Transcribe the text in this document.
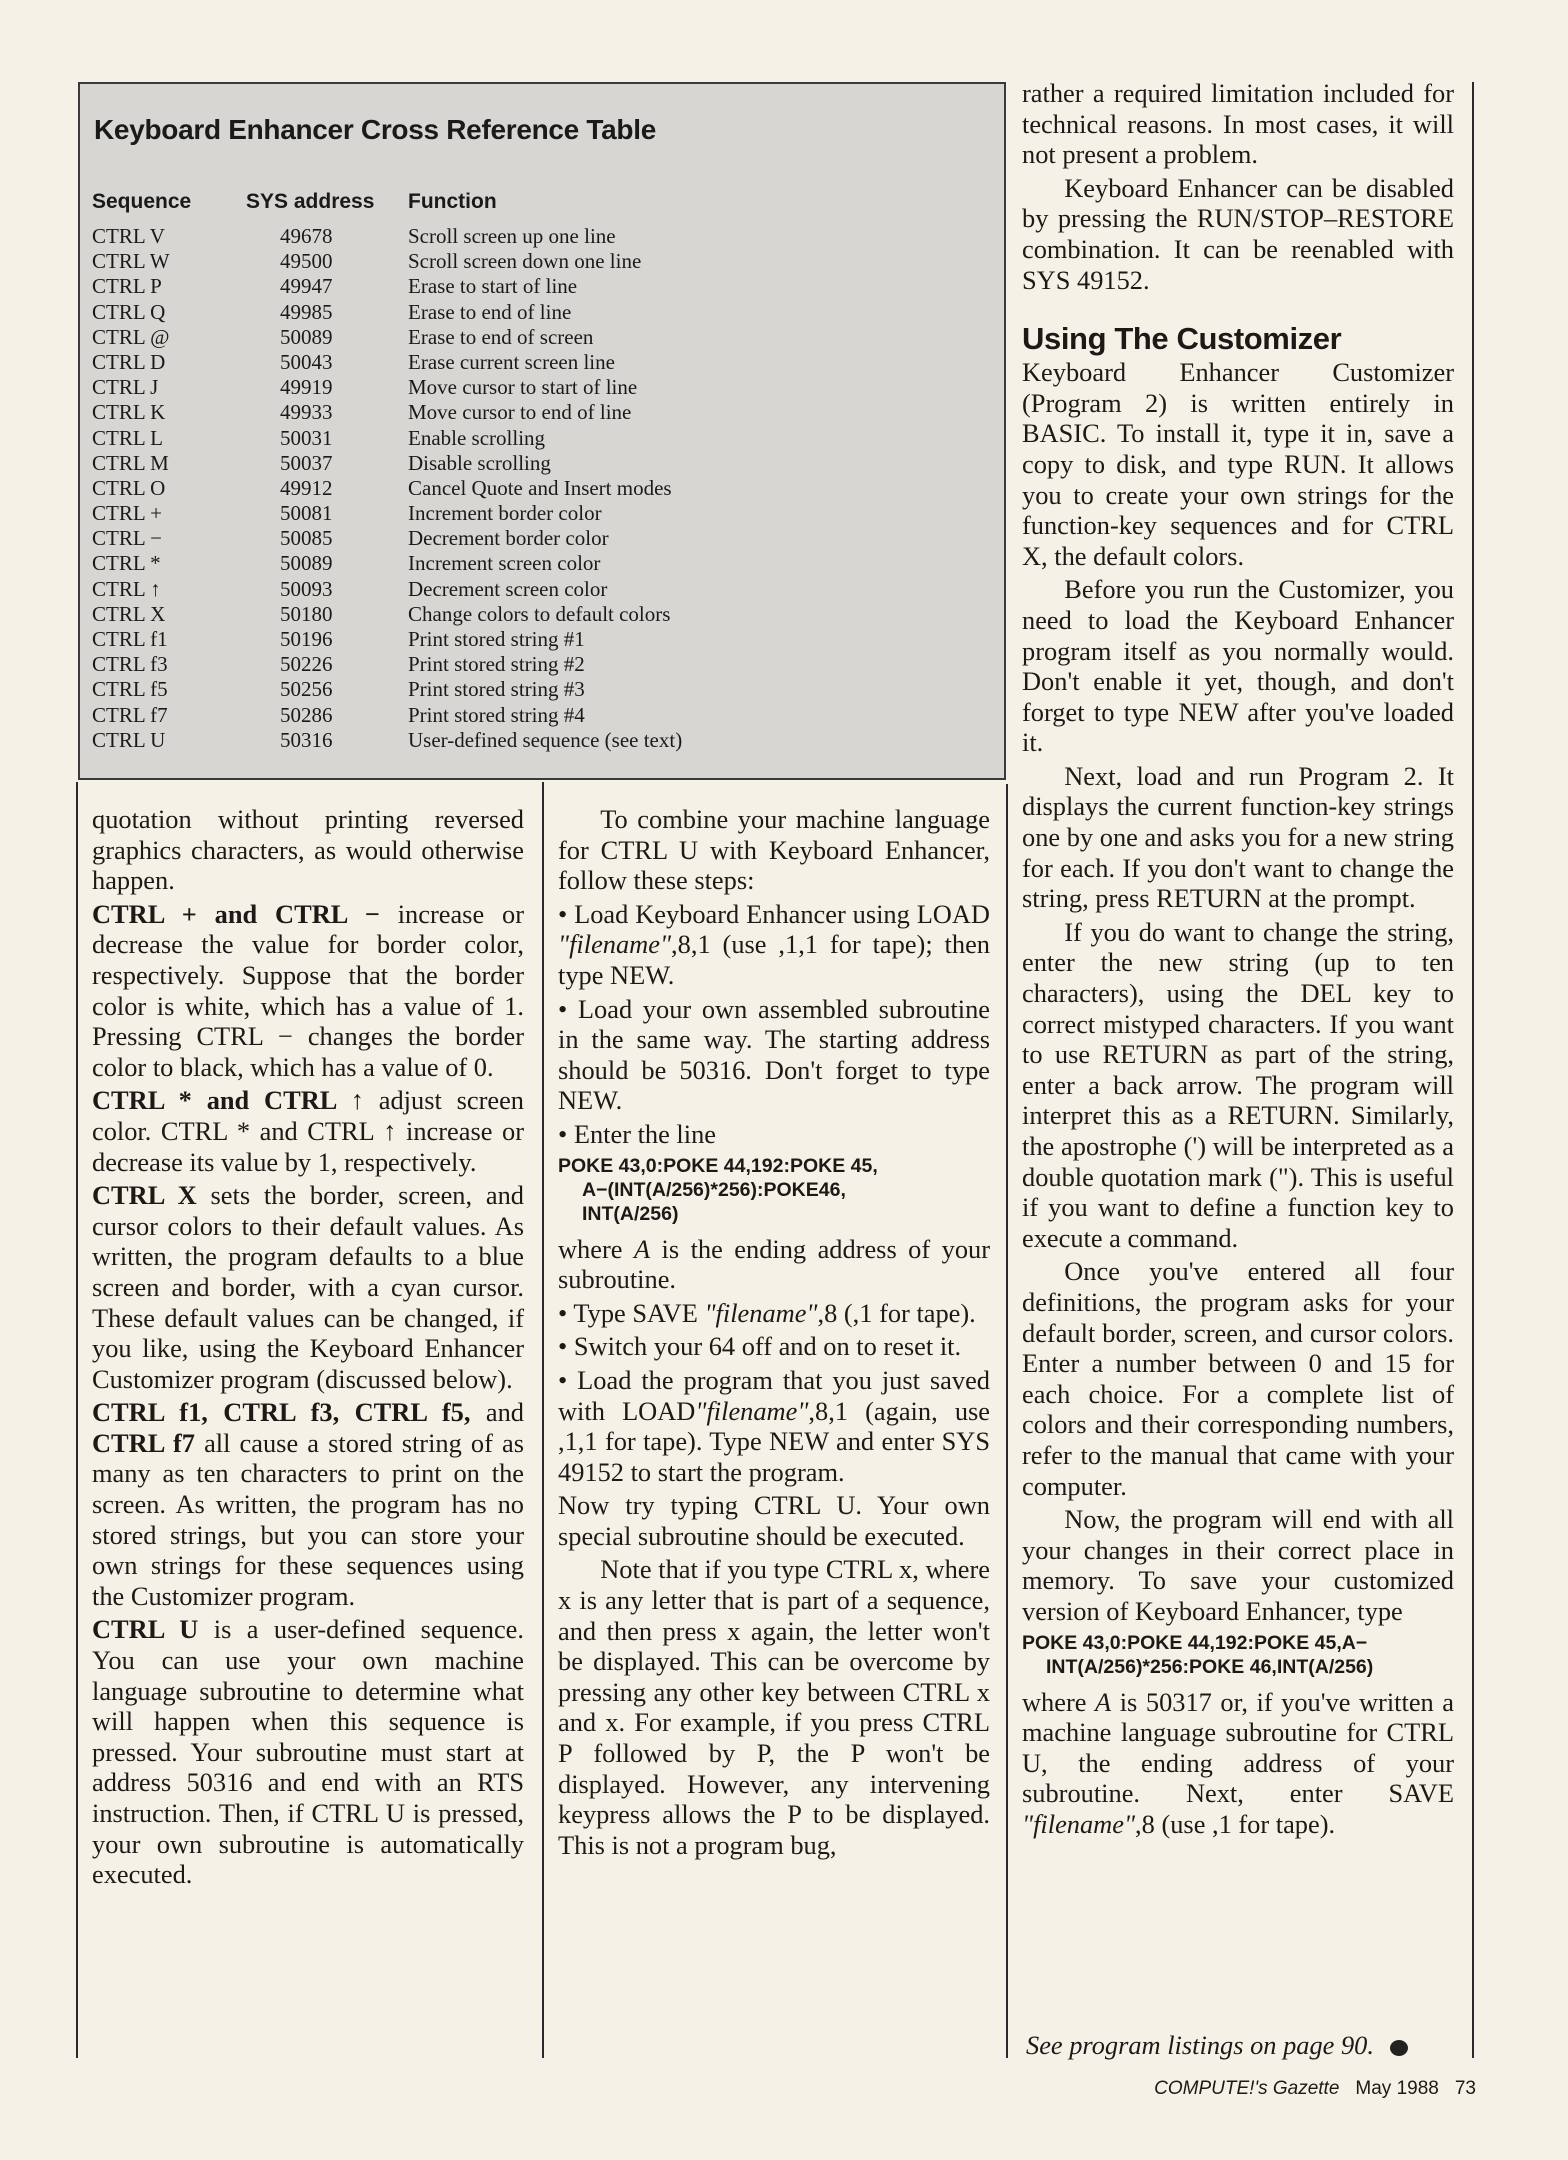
Keyboard Enhancer Cross Reference Table
Sequence	SYS address Function
CTRL V	49678	Scroll screen up one line
CTRL W	49500	Scroll screen down one line
CTRL P	49947	Erase to start of line
CTRL Q	49985	Erase to end of line
CTRL @	50089	Erase to end of screen
CTRL D	50043	Erase current screen line
CTRL J	49919	Move cursor to start of line
CTRL K	49933	Move cursor to end of line
CTRL L	50031	Enable scrolling
CTRL M	50037	Disable scrolling
CTRL O	49912	Cancel Quote and Insert modes
CTRL +	50081	Increment border color
CTRL −	50085	Decrement border color
CTRL *	50089	Increment screen color
CTRL ↑	50093	Decrement screen color
CTRL X	50180	Change colors to default colors
CTRL f1	50196	Print stored string #1
CTRL f3	50226	Print stored string #2
CTRL f5	50256	Print stored string #3
CTRL f7	50286	Print stored string #4
CTRL U	50316	User-defined sequence (see text)

quotation without printing reversed graphics characters, as would otherwise happen.

CTRL + and CTRL − increase or decrease the value for border color, respectively. Suppose that the border color is white, which has a value of 1. Pressing CTRL − changes the border color to black, which has a value of 0.

CTRL * and CTRL ↑ adjust screen color. CTRL * and CTRL ↑ increase or decrease its value by 1, respectively.

CTRL X sets the border, screen, and cursor colors to their default values. As written, the program defaults to a blue screen and border, with a cyan cursor. These default values can be changed, if you like, using the Keyboard Enhancer Customizer program (discussed below).

CTRL f1, CTRL f3, CTRL f5, and CTRL f7 all cause a stored string of as many as ten characters to print on the screen. As written, the program has no stored strings, but you can store your own strings for these sequences using the Customizer program.

CTRL U is a user-defined sequence. You can use your own machine language subroutine to determine what will happen when this sequence is pressed. Your subroutine must start at address 50316 and end with an RTS instruction. Then, if CTRL U is pressed, your own subroutine is automatically executed.

To combine your machine language for CTRL U with Keyboard Enhancer, follow these steps:

• Load Keyboard Enhancer using LOAD "filename",8,1 (use ,1,1 for tape); then type NEW.

• Load your own assembled subroutine in the same way. The starting address should be 50316. Don't forget to type NEW.

• Enter the line

POKE 43,0:POKE 44,192:POKE 45,
A−(INT(A/256)*256):POKE46,
INT(A/256)

where A is the ending address of your subroutine.

• Type SAVE "filename",8 (,1 for tape).

• Switch your 64 off and on to reset it.

• Load the program that you just saved with LOAD"filename",8,1 (again, use ,1,1 for tape). Type NEW and enter SYS 49152 to start the program.

Now try typing CTRL U. Your own special subroutine should be executed.

Note that if you type CTRL x, where x is any letter that is part of a sequence, and then press x again, the letter won't be displayed. This can be overcome by pressing any other key between CTRL x and x. For example, if you press CTRL P followed by P, the P won't be displayed. However, any intervening keypress allows the P to be displayed. This is not a program bug,

rather a required limitation included for technical reasons. In most cases, it will not present a problem.

Keyboard Enhancer can be disabled by pressing the RUN/STOP–RESTORE combination. It can be reenabled with SYS 49152.

Using The Customizer

Keyboard Enhancer Customizer (Program 2) is written entirely in BASIC. To install it, type it in, save a copy to disk, and type RUN. It allows you to create your own strings for the function-key sequences and for CTRL X, the default colors.

Before you run the Customizer, you need to load the Keyboard Enhancer program itself as you normally would. Don't enable it yet, though, and don't forget to type NEW after you've loaded it.

Next, load and run Program 2. It displays the current function-key strings one by one and asks you for a new string for each. If you don't want to change the string, press RETURN at the prompt.

If you do want to change the string, enter the new string (up to ten characters), using the DEL key to correct mistyped characters. If you want to use RETURN as part of the string, enter a back arrow. The program will interpret this as a RETURN. Similarly, the apostrophe (') will be interpreted as a double quotation mark ("). This is useful if you want to define a function key to execute a command.

Once you've entered all four definitions, the program asks for your default border, screen, and cursor colors. Enter a number between 0 and 15 for each choice. For a complete list of colors and their corresponding numbers, refer to the manual that came with your computer.

Now, the program will end with all your changes in their correct place in memory. To save your customized version of Keyboard Enhancer, type

POKE 43,0:POKE 44,192:POKE 45,A−
INT(A/256)*256:POKE 46,INT(A/256)

where A is 50317 or, if you've written a machine language subroutine for CTRL U, the ending address of your subroutine. Next, enter SAVE "filename",8 (use ,1 for tape).

See program listings on page 90.
COMPUTE!'s Gazette May 1988 73
